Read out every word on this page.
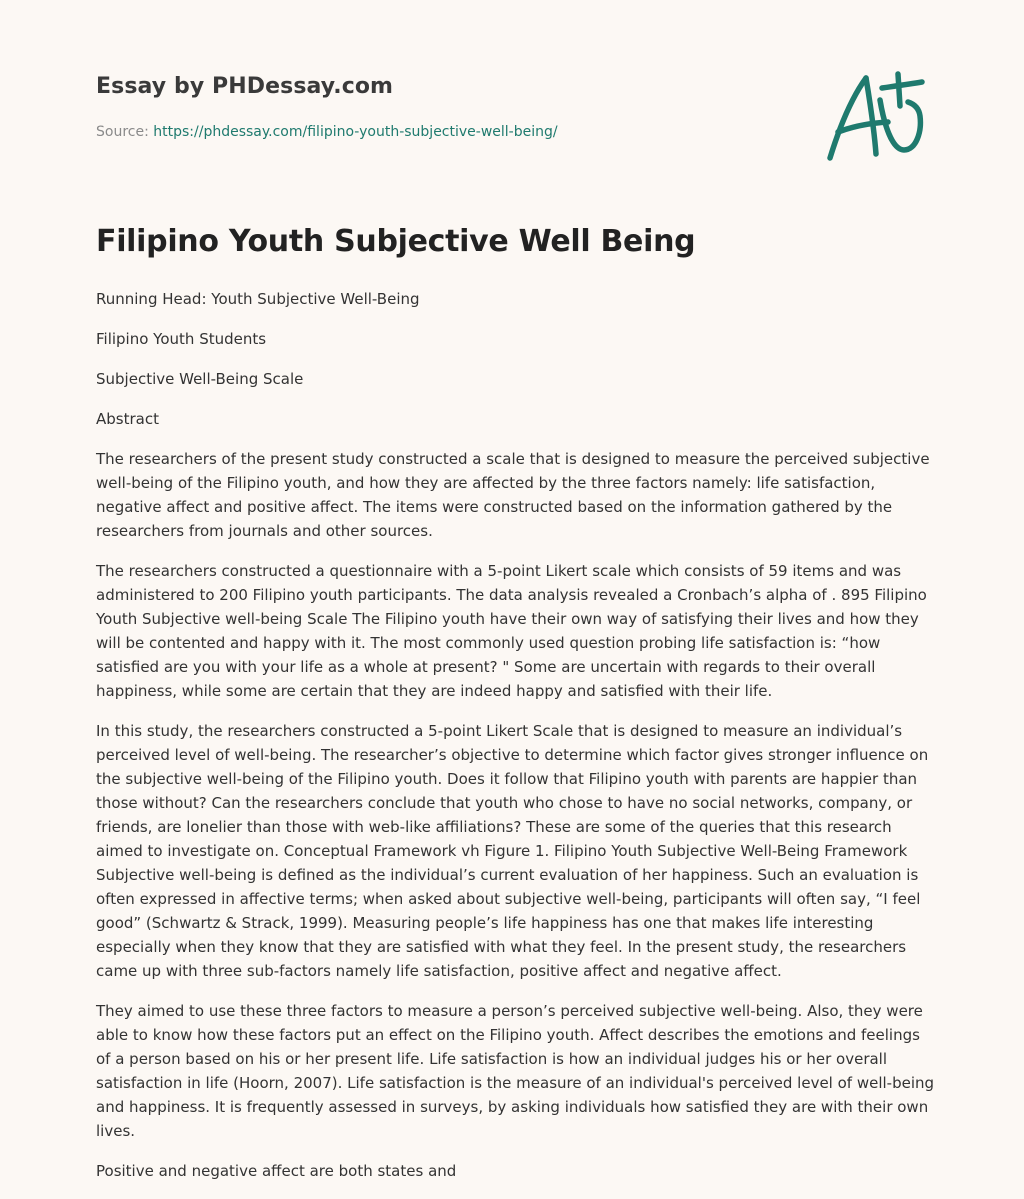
Essay by PHDessay.com
Source: https://phdessay.com/filipino-youth-subjective-well-being/
Filipino Youth Subjective Well Being

Running Head: Youth Subjective Well-Being

Filipino Youth Students

Subjective Well-Being Scale

Abstract

The researchers of the present study constructed a scale that is designed to measure the perceived subjective well-being of the Filipino youth, and how they are affected by the three factors namely: life satisfaction, negative affect and positive affect. The items were constructed based on the information gathered by the researchers from journals and other sources.

The researchers constructed a questionnaire with a 5-point Likert scale which consists of 59 items and was administered to 200 Filipino youth participants. The data analysis revealed a Cronbach’s alpha of . 895 Filipino Youth Subjective well-being Scale The Filipino youth have their own way of satisfying their lives and how they will be contented and happy with it. The most commonly used question probing life satisfaction is: “how satisfied are you with your life as a whole at present? " Some are uncertain with regards to their overall happiness, while some are certain that they are indeed happy and satisfied with their life.

In this study, the researchers constructed a 5-point Likert Scale that is designed to measure an individual’s perceived level of well-being. The researcher’s objective to determine which factor gives stronger influence on the subjective well-being of the Filipino youth. Does it follow that Filipino youth with parents are happier than those without? Can the researchers conclude that youth who chose to have no social networks, company, or friends, are lonelier than those with web-like affiliations? These are some of the queries that this research aimed to investigate on. Conceptual Framework vh Figure 1. Filipino Youth Subjective Well-Being Framework Subjective well-being is defined as the individual’s current evaluation of her happiness. Such an evaluation is often expressed in affective terms; when asked about subjective well-being, participants will often say, “I feel good” (Schwartz & Strack, 1999). Measuring people’s life happiness has one that makes life interesting especially when they know that they are satisfied with what they feel. In the present study, the researchers came up with three sub-factors namely life satisfaction, positive affect and negative affect.

They aimed to use these three factors to measure a person’s perceived subjective well-being. Also, they were able to know how these factors put an effect on the Filipino youth. Affect describes the emotions and feelings of a person based on his or her present life. Life satisfaction is how an individual judges his or her overall satisfaction in life (Hoorn, 2007). Life satisfaction is the measure of an individual's perceived level of well-being and happiness. It is frequently assessed in surveys, by asking individuals how satisfied they are with their own lives.

Positive and negative affect are both states and
